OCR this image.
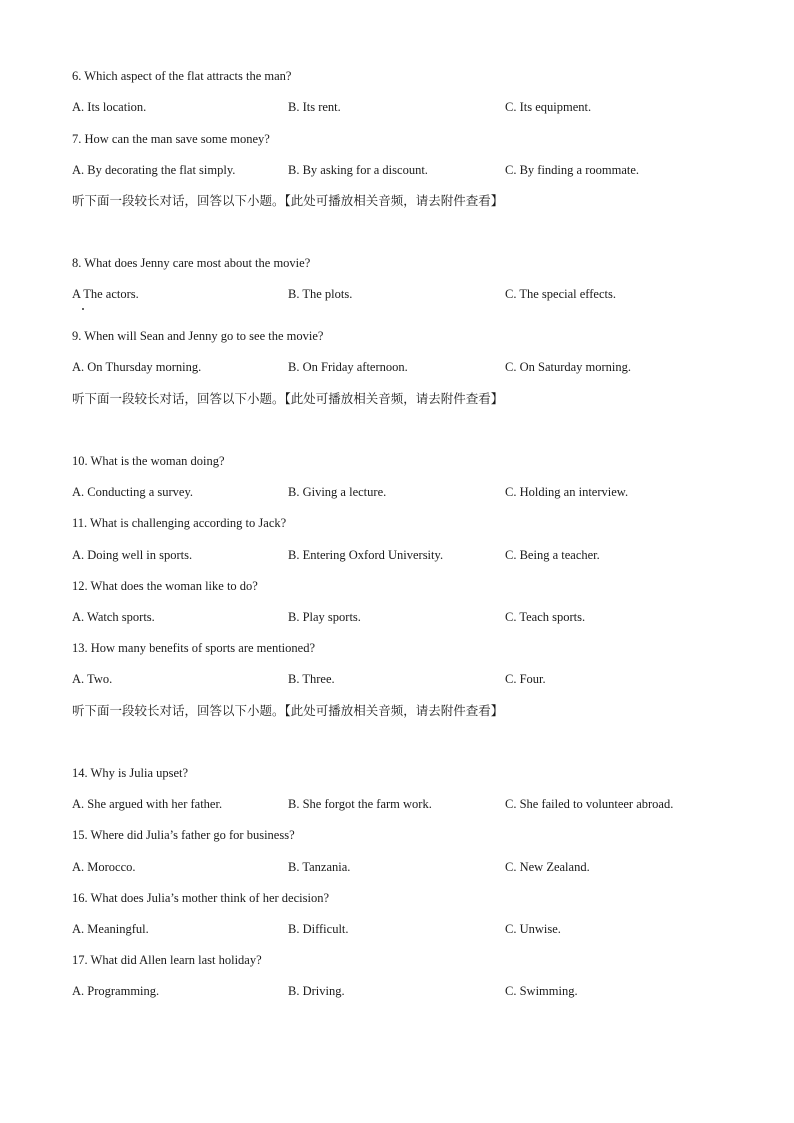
6. Which aspect of the flat attracts the man?
A. Its location.	B. Its rent.	C. Its equipment.
7. How can the man save some money?
A. By decorating the flat simply.	B. By asking for a discount.	C. By finding a roommate.
听下面一段较长对话，回答以下小题。【此处可播放相关音频，请去附件查看】
8. What does Jenny care most about the movie?
A The actors.	B. The plots.	C. The special effects.
9. When will Sean and Jenny go to see the movie?
A. On Thursday morning.	B. On Friday afternoon.	C. On Saturday morning.
听下面一段较长对话，回答以下小题。【此处可播放相关音频，请去附件查看】
10. What is the woman doing?
A. Conducting a survey.	B. Giving a lecture.	C. Holding an interview.
11. What is challenging according to Jack?
A. Doing well in sports.	B. Entering Oxford University.	C. Being a teacher.
12. What does the woman like to do?
A. Watch sports.	B. Play sports.	C. Teach sports.
13. How many benefits of sports are mentioned?
A. Two.	B. Three.	C. Four.
听下面一段较长对话，回答以下小题。【此处可播放相关音频，请去附件查看】
14. Why is Julia upset?
A. She argued with her father.	B. She forgot the farm work.	C. She failed to volunteer abroad.
15. Where did Julia’s father go for business?
A. Morocco.	B. Tanzania.	C. New Zealand.
16. What does Julia’s mother think of her decision?
A. Meaningful.	B. Difficult.	C. Unwise.
17. What did Allen learn last holiday?
A. Programming.	B. Driving.	C. Swimming.
